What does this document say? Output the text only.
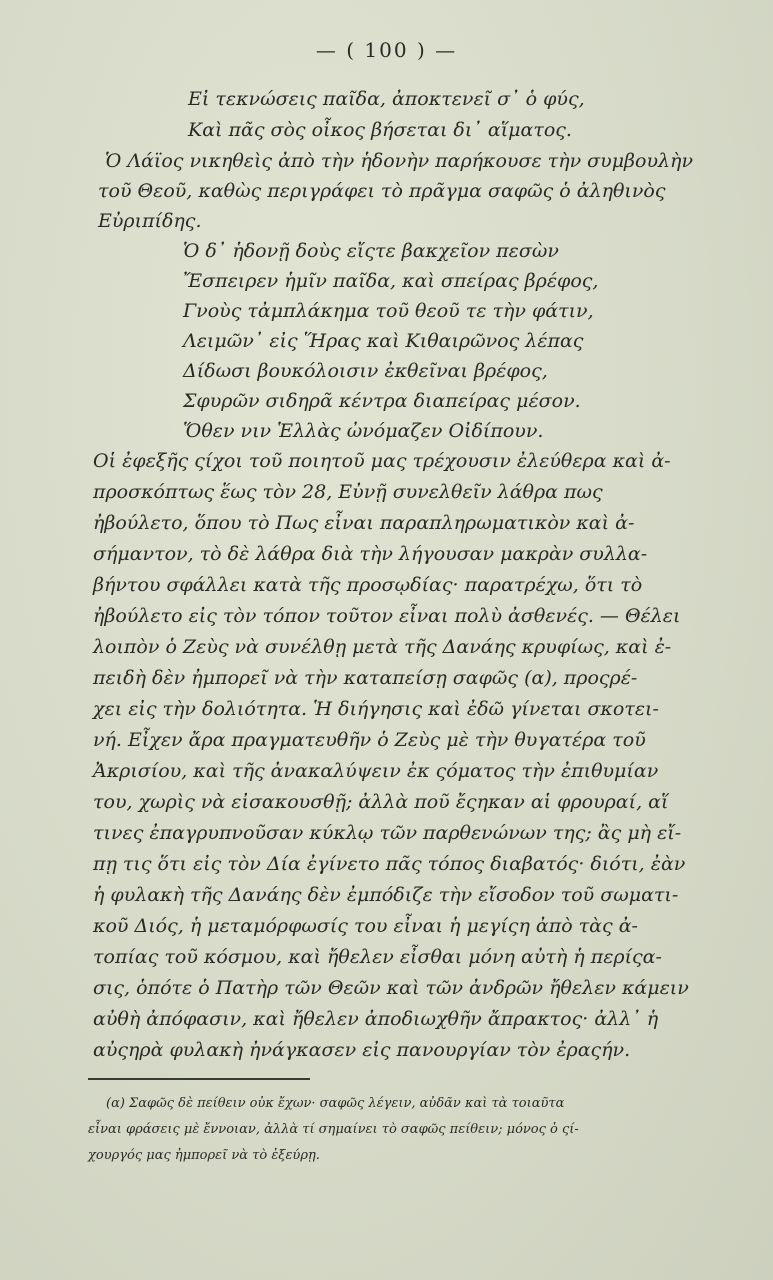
— ( 100 ) —
Εἰ τεκνώσεις παῖδα, ἀποκτενεῖ σ᾽ ὁ φύς,
Καὶ πᾶς σὸς οἶκος βήσεται δι᾽ αἵματος.
Ὁ Λάϊος νικηθεὶς ἀπὸ τὴν ἡδονὴν παρήκουσε τὴν συμβουλὴν
τοῦ Θεοῦ, καθὼς περιγράφει τὸ πρᾶγμα σαφῶς ὁ ἀληθινὸς
Εὐριπίδης.
Ὁ δ᾽ ἡδονῇ δοὺς εἴςτε βακχεῖον πεσὼν
Ἔσπειρεν ἡμῖν παῖδα, καὶ σπείρας βρέφος,
Γνοὺς τἀμπλάκημα τοῦ θεοῦ τε τὴν φάτιν,
Λειμῶν᾽ εἰς Ἥρας καὶ Κιθαιρῶνος λέπας
Δίδωσι βουκόλοισιν ἐκθεῖναι βρέφος,
Σφυρῶν σιδηρᾶ κέντρα διαπείρας μέσον.
Ὅθεν νιν Ἑλλὰς ὠνόμαζεν Οἰδίπουν.
Οἱ ἐφεξῆς ςίχοι τοῦ ποιητοῦ μας τρέχουσιν ἐλεύθερα καὶ ἀ-
προσκόπτως ἕως τὸν 28, Εὐνῇ συνελθεῖν λάθρα πως
ἠβούλετο, ὅπου τὸ Πως εἶναι παραπληρωματικὸν καὶ ἀ-
σήμαντον, τὸ δὲ λάθρα διὰ τὴν λήγουσαν μακρὰν συλλα-
βήντου σφάλλει κατὰ τῆς προσῳδίας· παρατρέχω, ὅτι τὸ
ἠβούλετο εἰς τὸν τόπον τοῦτον εἶναι πολὺ ἀσθενές. — Θέλει
λοιπὸν ὁ Ζεὺς νὰ συνέλθῃ μετὰ τῆς Δανάης κρυφίως, καὶ ἐ-
πειδὴ δὲν ἠμπορεῖ νὰ τὴν καταπείσῃ σαφῶς (α), προςρέ-
χει εἰς τὴν δολιότητα. Ἡ διήγησις καὶ ἐδῶ γίνεται σκοτει-
νή. Εἶχεν ἄρα πραγματευθῆν ὁ Ζεὺς μὲ τὴν θυγατέρα τοῦ
Ἀκρισίου, καὶ τῆς ἀνακαλύψειν ἐκ ςόματος τὴν ἐπιθυμίαν
του, χωρὶς νὰ εἰσακουσθῇ; ἀλλὰ ποῦ ἔςηκαν αἱ φρουραί, αἵ
τινες ἐπαγρυπνοῦσαν κύκλῳ τῶν παρθενώνων της; ἂς μὴ εἴ-
πῃ τις ὅτι εἰς τὸν Δία ἐγίνετο πᾶς τόπος διαβατός· διότι, ἐὰν
ἡ φυλακὴ τῆς Δανάης δὲν ἐμπόδιζε τὴν εἴσοδον τοῦ σωματι-
κοῦ Διός, ἡ μεταμόρφωσίς του εἶναι ἡ μεγίςη ἀπὸ τὰς ἀ-
τοπίας τοῦ κόσμου, καὶ ἤθελεν εἶσθαι μόνη αὐτὴ ἡ περίςα-
σις, ὁπότε ὁ Πατὴρ τῶν Θεῶν καὶ τῶν ἀνδρῶν ἤθελεν κάμειν
αὐθὴ ἀπόφασιν, καὶ ἤθελεν ἀποδιωχθῆν ἄπρακτος· ἀλλ᾽ ἡ
αὐςηρὰ φυλακὴ ἠνάγκασεν εἰς πανουργίαν τὸν ἐραςήν.
(α) Σαφῶς δὲ πείθειν οὐκ ἔχων· σαφῶς λέγειν, αὐδᾶν καὶ τὰ τοιαῦτα
εἶναι φράσεις μὲ ἔννοιαν, ἀλλὰ τί σημαίνει τὸ σαφῶς πείθειν; μόνος ὁ ςί-
χουργός μας ἠμπορεῖ νὰ τὸ ἐξεύρῃ.
